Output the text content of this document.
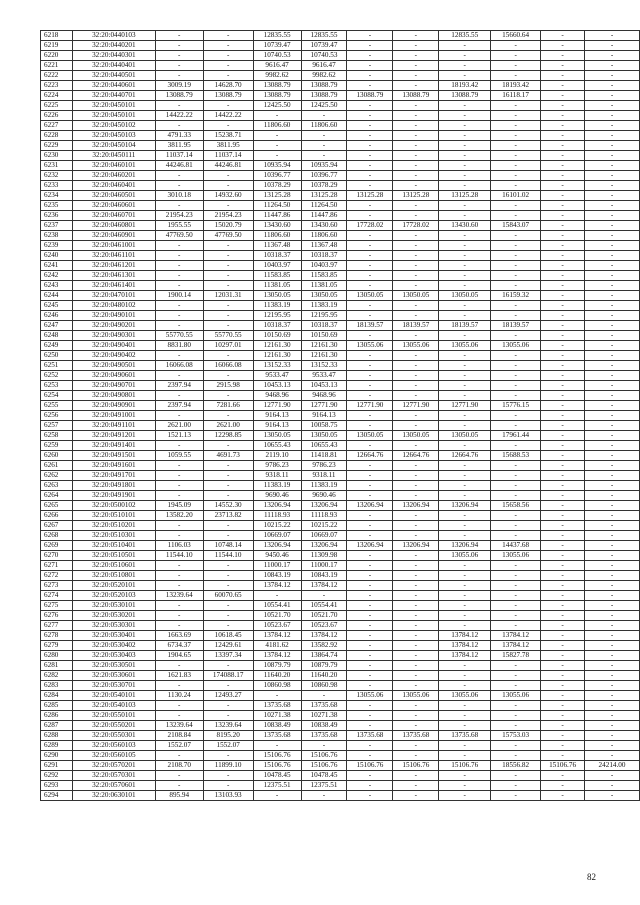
6218	32:20:0440103	-	-	12835.55	12835.55	-	-	12835.55	15660.64	-	-
6219	32:20:0440201	-	-	10739.47	10739.47	-	-	-	-	-	-
6220	32:20:0440301	-	-	10740.53	10740.53	-	-	-	-	-	-
6221	32:20:0440401	-	-	9616.47	9616.47	-	-	-	-	-	-
6222	32:20:0440501	-	-	9982.62	9982.62	-	-	-	-	-	-
6223	32:20:0440601	3009.19	14628.70	13088.79	13088.79	-	-	18193.42	18193.42	-	-
6224	32:20:0440701	13088.79	13088.79	13088.79	13088.79	13088.79	13088.79	13088.79	16118.17	-	-
6225	32:20:0450101	-	-	12425.50	12425.50	-	-	-	-	-	-
6226	32:20:0450101	14422.22	14422.22	-	-	-	-	-	-	-	-
6227	32:20:0450102	-	-	11806.60	11806.60	-	-	-	-	-	-
6228	32:20:0450103	4791.33	15238.71	-	-	-	-	-	-	-	-
6229	32:20:0450104	3811.95	3811.95	-	-	-	-	-	-	-	-
6230	32:20:0450111	11037.14	11037.14	-	-	-	-	-	-	-	-
6231	32:20:0460101	44246.81	44246.81	10935.94	10935.94	-	-	-	-	-	-
6232	32:20:0460201	-	-	10396.77	10396.77	-	-	-	-	-	-
6233	32:20:0460401	-	-	10378.29	10378.29	-	-	-	-	-	-
6234	32:20:0460501	3010.18	14932.60	13125.28	13125.28	13125.28	13125.28	13125.28	16101.02	-	-
6235	32:20:0460601	-	-	11264.50	11264.50	-	-	-	-	-	-
6236	32:20:0460701	21954.23	21954.23	11447.86	11447.86	-	-	-	-	-	-
6237	32:20:0460801	1955.55	15020.79	13430.60	13430.60	17728.02	17728.02	13430.60	15843.07	-	-
6238	32:20:0460901	47769.50	47769.50	11806.60	11806.60	-	-	-	-	-	-
6239	32:20:0461001	-	-	11367.48	11367.48	-	-	-	-	-	-
6240	32:20:0461101	-	-	10318.37	10318.37	-	-	-	-	-	-
6241	32:20:0461201	-	-	10403.97	10403.97	-	-	-	-	-	-
6242	32:20:0461301	-	-	11583.85	11583.85	-	-	-	-	-	-
6243	32:20:0461401	-	-	11381.05	11381.05	-	-	-	-	-	-
6244	32:20:0470101	1900.14	12031.31	13050.05	13050.05	13050.05	13050.05	13050.05	16159.32	-	-
6245	32:20:0480102	-	-	11383.19	11383.19	-	-	-	-	-	-
6246	32:20:0490101	-	-	12195.95	12195.95	-	-	-	-	-	-
6247	32:20:0490201	-	-	10318.37	10318.37	18139.57	18139.57	18139.57	18139.57	-	-
6248	32:20:0490301	55770.55	55770.55	10150.69	10150.69	-	-	-	-	-	-
6249	32:20:0490401	8831.80	10297.01	12161.30	12161.30	13055.06	13055.06	13055.06	13055.06	-	-
6250	32:20:0490402	-	-	12161.30	12161.30	-	-	-	-	-	-
6251	32:20:0490501	16066.08	16066.08	13152.33	13152.33	-	-	-	-	-	-
6252	32:20:0490601	-	-	9533.47	9533.47	-	-	-	-	-	-
6253	32:20:0490701	2397.94	2915.98	10453.13	10453.13	-	-	-	-	-	-
6254	32:20:0490801	-	-	9468.96	9468.96	-	-	-	-	-	-
6255	32:20:0490901	2397.94	7281.66	12771.90	12771.90	12771.90	12771.90	12771.90	15776.15	-	-
6256	32:20:0491001	-	-	9164.13	9164.13	-	-	-	-	-	-
6257	32:20:0491101	2621.00	2621.00	9164.13	10058.75	-	-	-	-	-	-
6258	32:20:0491201	1521.13	12298.85	13050.05	13050.05	13050.05	13050.05	13050.05	17961.44	-	-
6259	32:20:0491401	-	-	10655.43	10655.43	-	-	-	-	-	-
6260	32:20:0491501	1059.55	4691.73	2119.10	11418.81	12664.76	12664.76	12664.76	15688.53	-	-
6261	32:20:0491601	-	-	9786.23	9786.23	-	-	-	-	-	-
6262	32:20:0491701	-	-	9318.11	9318.11	-	-	-	-	-	-
6263	32:20:0491801	-	-	11383.19	11383.19	-	-	-	-	-	-
6264	32:20:0491901	-	-	9690.46	9690.46	-	-	-	-	-	-
6265	32:20:0500102	1945.09	14552.30	13206.94	13206.94	13206.94	13206.94	13206.94	15658.56	-	-
6266	32:20:0510101	13582.20	23713.82	11118.93	11118.93	-	-	-	-	-	-
6267	32:20:0510201	-	-	10215.22	10215.22	-	-	-	-	-	-
6268	32:20:0510301	-	-	10669.07	10669.07	-	-	-	-	-	-
6269	32:20:0510401	1106.03	10748.14	13206.94	13206.94	13206.94	13206.94	13206.94	14437.68	-	-
6270	32:20:0510501	11544.10	11544.10	9450.46	11309.98	-	-	13055.06	13055.06	-	-
6271	32:20:0510601	-	-	11000.17	11000.17	-	-	-	-	-	-
6272	32:20:0510801	-	-	10843.19	10843.19	-	-	-	-	-	-
6273	32:20:0520101	-	-	13784.12	13784.12	-	-	-	-	-	-
6274	32:20:0520103	13239.64	60070.65	-	-	-	-	-	-	-	-
6275	32:20:0530101	-	-	10554.41	10554.41	-	-	-	-	-	-
6276	32:20:0530201	-	-	10521.70	10521.70	-	-	-	-	-	-
6277	32:20:0530301	-	-	10523.67	10523.67	-	-	-	-	-	-
6278	32:20:0530401	1663.69	10618.45	13784.12	13784.12	-	-	13784.12	13784.12	-	-
6279	32:20:0530402	6734.37	12429.61	4181.62	13582.92	-	-	13784.12	13784.12	-	-
6280	32:20:0530403	1904.65	13397.34	13784.12	13864.74	-	-	13784.12	15827.78	-	-
6281	32:20:0530501	-	-	10879.79	10879.79	-	-	-	-	-	-
6282	32:20:0530601	1621.83	174088.17	11640.20	11640.20	-	-	-	-	-	-
6283	32:20:0530701	-	-	10860.98	10860.98	-	-	-	-	-	-
6284	32:20:0540101	1130.24	12493.27	-	-	13055.06	13055.06	13055.06	13055.06	-	-
6285	32:20:0540103	-	-	13735.68	13735.68	-	-	-	-	-	-
6286	32:20:0550101	-	-	10271.38	10271.38	-	-	-	-	-	-
6287	32:20:0550201	13239.64	13239.64	10838.49	10838.49	-	-	-	-	-	-
6288	32:20:0550301	2108.84	8195.20	13735.68	13735.68	13735.68	13735.68	13735.68	15753.03	-	-
6289	32:20:0560103	1552.07	1552.07	-	-	-	-	-	-	-	-
6290	32:20:0560105	-	-	15106.76	15106.76	-	-	-	-	-	-
6291	32:20:0570201	2108.70	11899.10	15106.76	15106.76	15106.76	15106.76	15106.76	18556.82	15106.76	24214.00
6292	32:20:0570301	-	-	10478.45	10478.45	-	-	-	-	-	-
6293	32:20:0570601	-	-	12375.51	12375.51	-	-	-	-	-	-
6294	32:20:0630101	895.94	13103.93	-	-	-	-	-	-	-	-
82
